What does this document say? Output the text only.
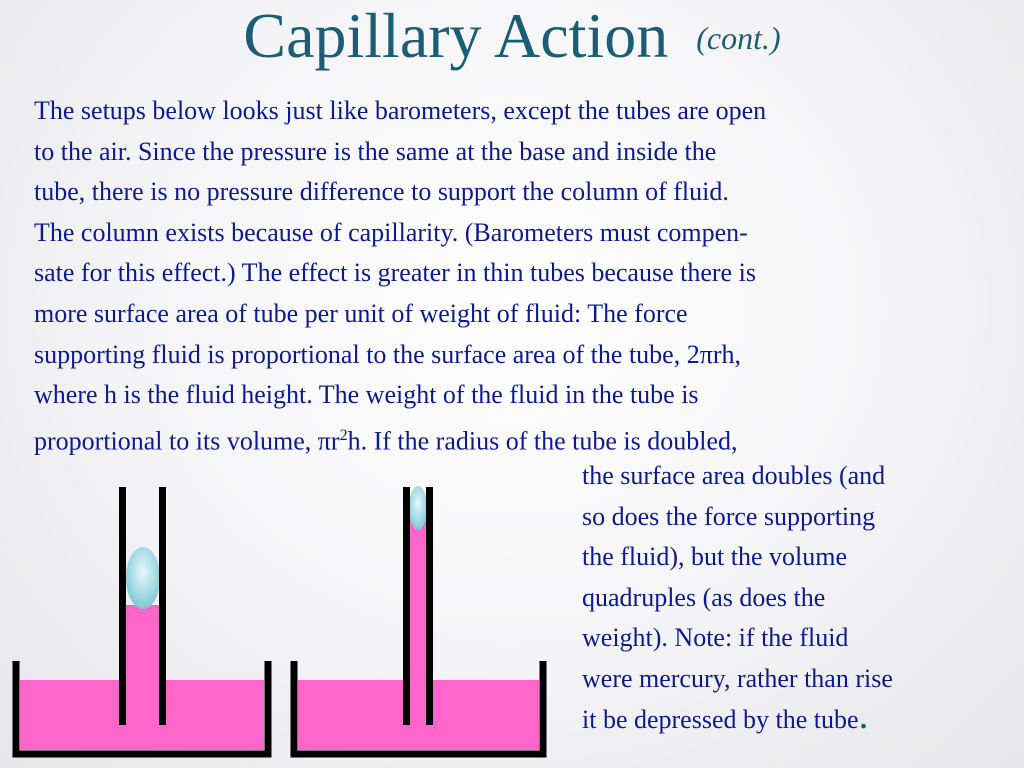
Capillary Action (cont.)

The setups below looks just like barometers, except the tubes are open

to the air. Since the pressure is the same at the base and inside the

tube, there is no pressure difference to support the column of fluid.

The column exists because of capillarity. (Barometers must compen-

sate for this effect.) The effect is greater in thin tubes because there is

more surface area of tube per unit of weight of fluid: The force

supporting fluid is proportional to the surface area of the tube, 2πrh,

where h is the fluid height. The weight of the fluid in the tube is

proportional to its volume, $\pi r^2h$. If the radius of the tube is doubled,

the surface area doubles (and

so does the force supporting

the fluid), but the volume

quadruples (as does the

weight). Note: if the fluid

were mercury, rather than rise

it be depressed by the tube.
